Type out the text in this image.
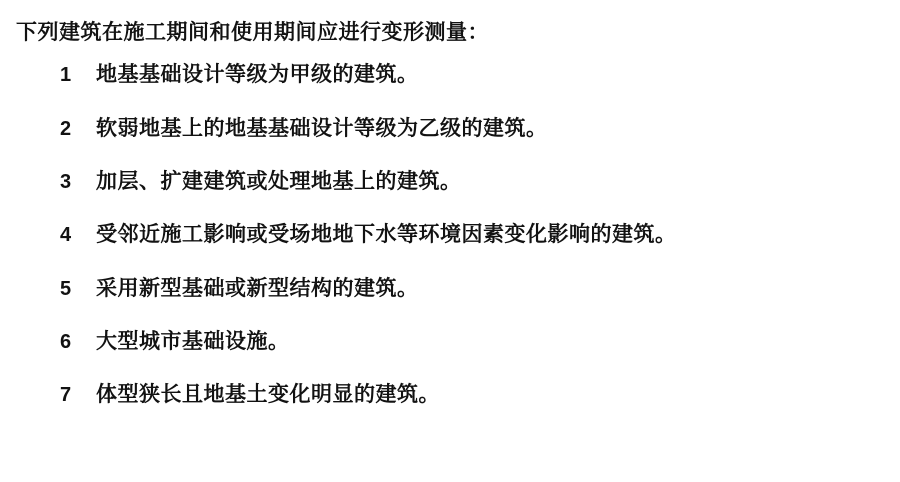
下列建筑在施工期间和使用期间应进行变形测量：

1	地基基础设计等级为甲级的建筑。
2	软弱地基上的地基基础设计等级为乙级的建筑。
3	加层、扩建建筑或处理地基上的建筑。
4	受邻近施工影响或受场地地下水等环境因素变化影响的建筑。
5	采用新型基础或新型结构的建筑。
6	大型城市基础设施。
7	体型狭长且地基土变化明显的建筑。
